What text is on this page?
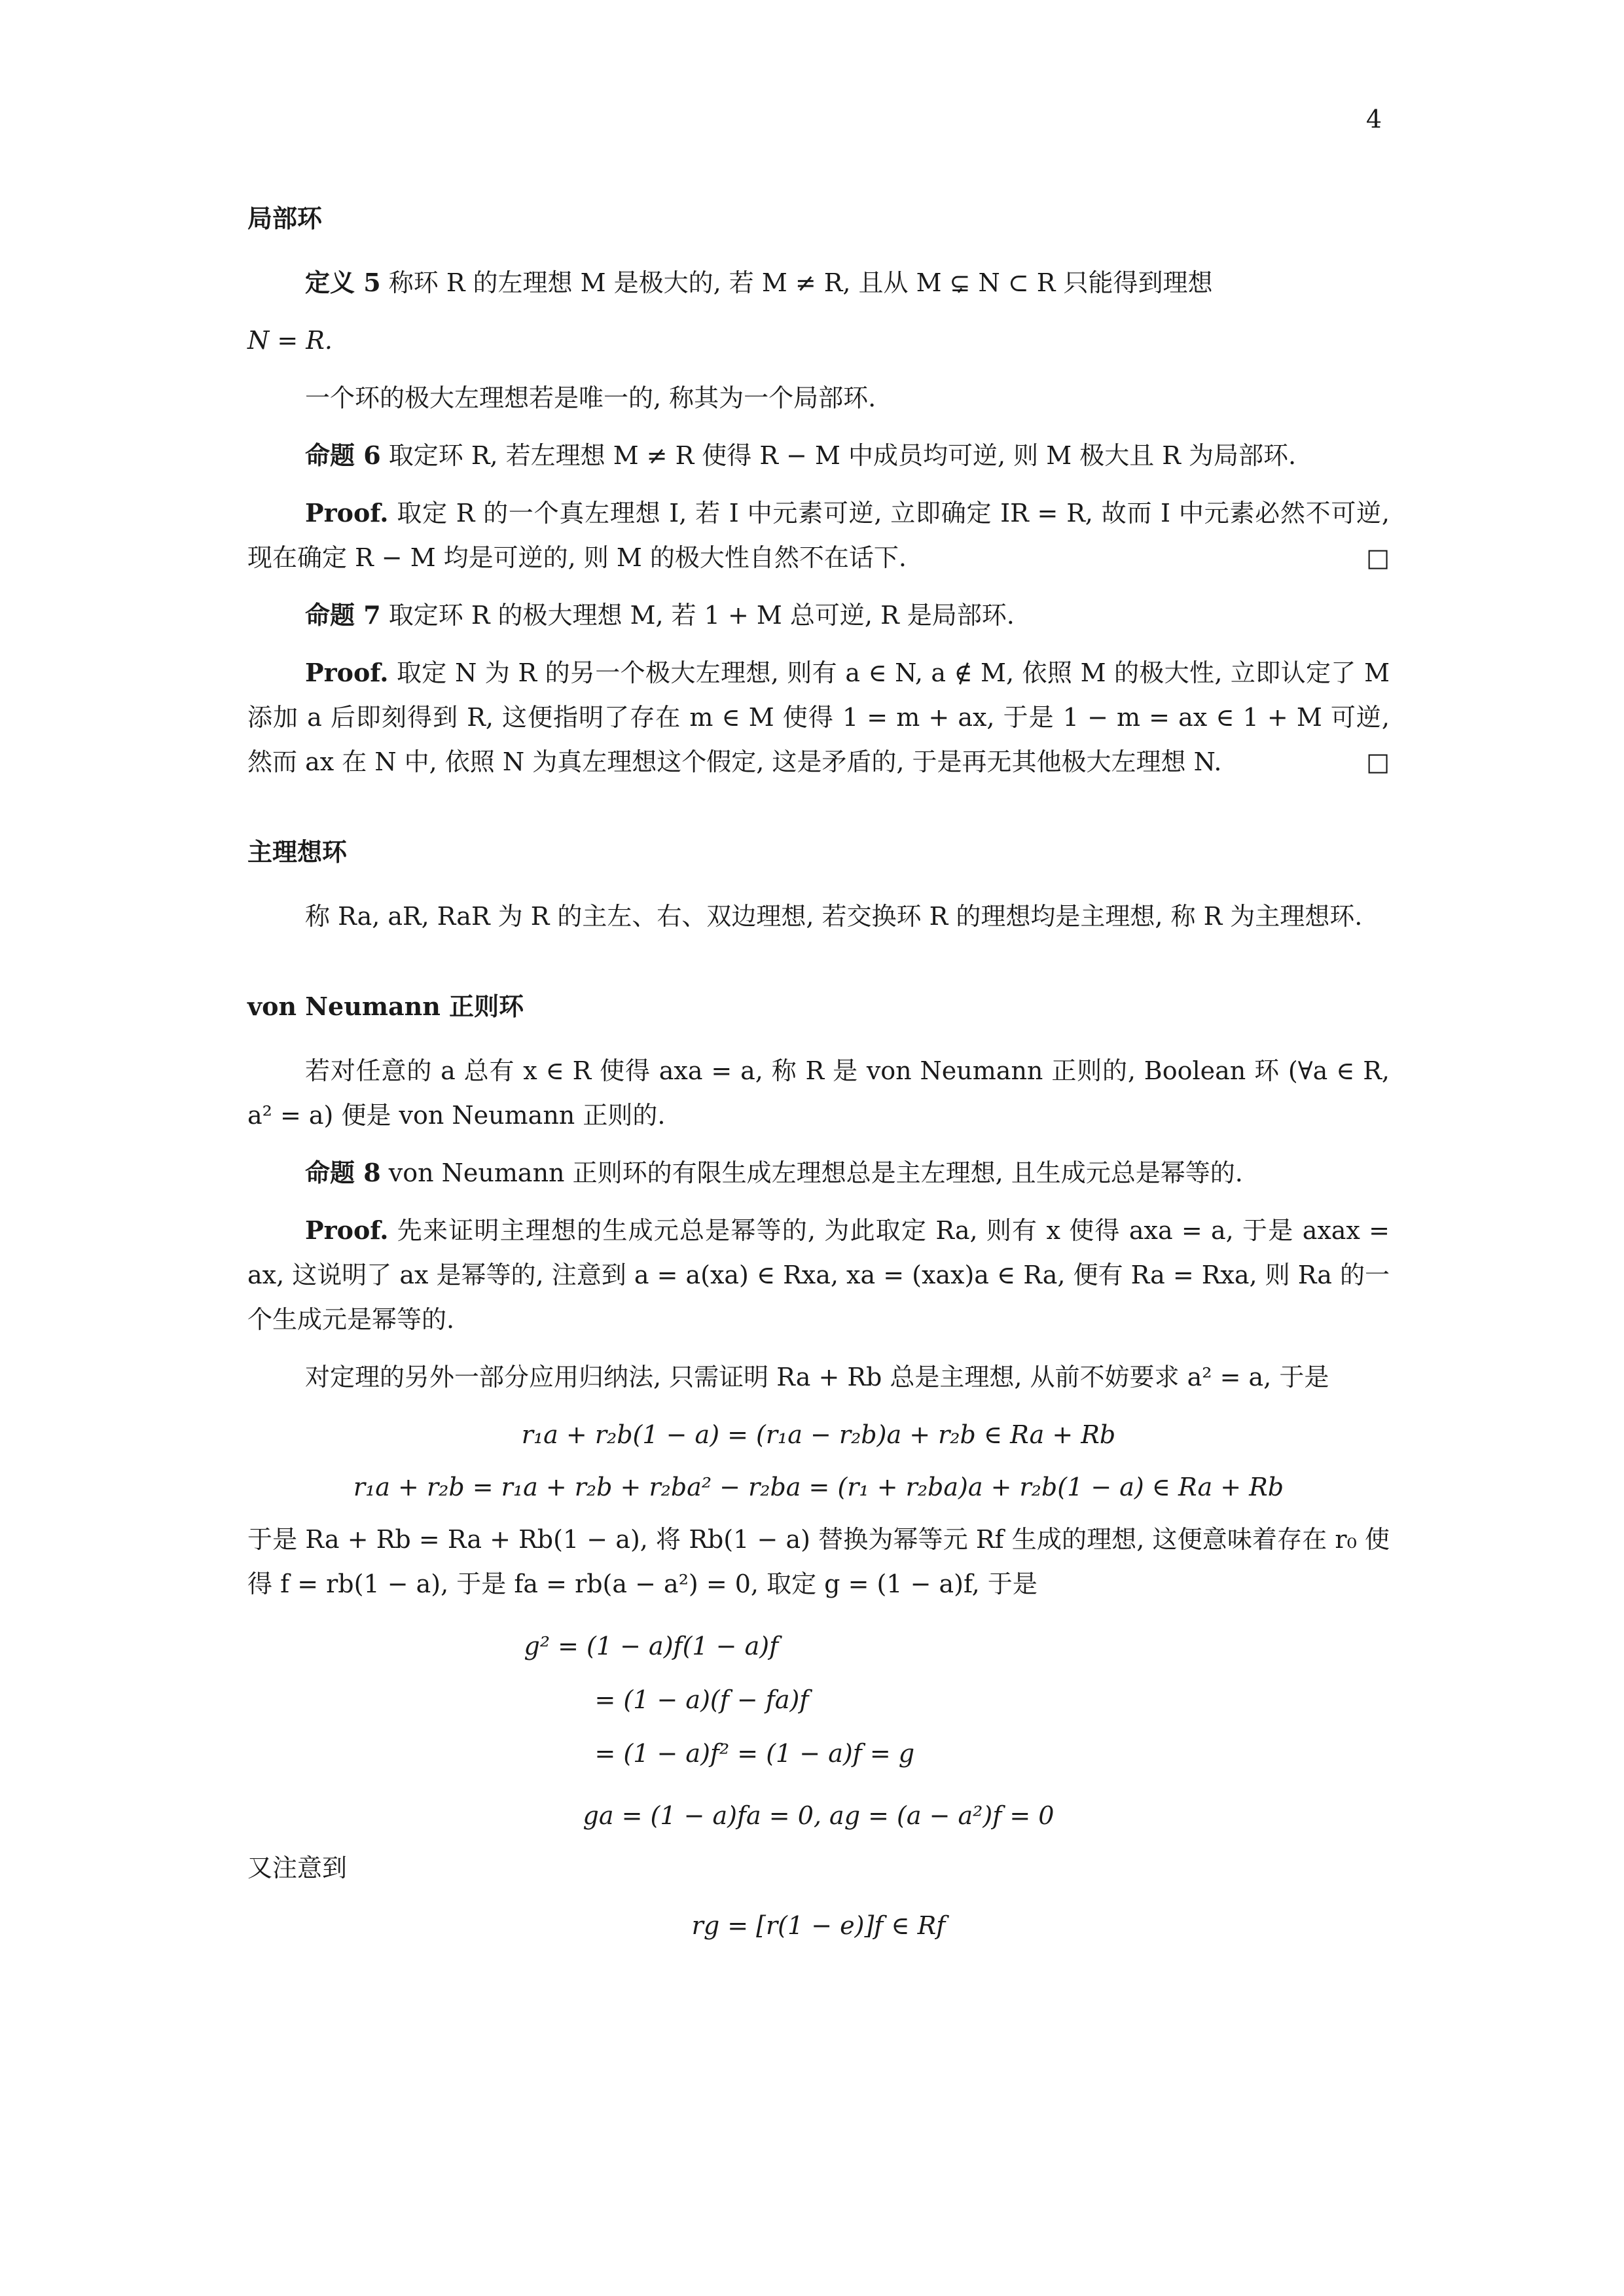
4
局部环
定义 5 称环 R 的左理想 M 是极大的, 若 M ≠ R, 且从 M ⊊ N ⊂ R 只能得到理想
N = R.
一个环的极大左理想若是唯一的, 称其为一个局部环.
命题 6 取定环 R, 若左理想 M ≠ R 使得 R − M 中成员均可逆, 则 M 极大且 R 为局部环.
Proof. 取定 R 的一个真左理想 I, 若 I 中元素可逆, 立即确定 IR = R, 故而 I 中元素必然不可逆, 现在确定 R − M 均是可逆的, 则 M 的极大性自然不在话下.	□
命题 7 取定环 R 的极大理想 M, 若 1 + M 总可逆, R 是局部环.
Proof. 取定 N 为 R 的另一个极大左理想, 则有 a ∈ N, a ∉ M, 依照 M 的极大性, 立即认定了 M 添加 a 后即刻得到 R, 这便指明了存在 m ∈ M 使得 1 = m + ax, 于是 1 − m = ax ∈ 1 + M 可逆, 然而 ax 在 N 中, 依照 N 为真左理想这个假定, 这是矛盾的, 于是再无其他极大左理想 N.	□
主理想环
称 Ra, aR, RaR 为 R 的主左、右、双边理想, 若交换环 R 的理想均是主理想, 称 R 为主理想环.
von Neumann 正则环
若对任意的 a 总有 x ∈ R 使得 axa = a, 称 R 是 von Neumann 正则的, Boolean 环 (∀a ∈ R, a² = a) 便是 von Neumann 正则的.
命题 8 von Neumann 正则环的有限生成左理想总是主左理想, 且生成元总是幂等的.
Proof. 先来证明主理想的生成元总是幂等的, 为此取定 Ra, 则有 x 使得 axa = a, 于是 axax = ax, 这说明了 ax 是幂等的, 注意到 a = a(xa) ∈ Rxa, xa = (xax)a ∈ Ra, 便有 Ra = Rxa, 则 Ra 的一个生成元是幂等的.
对定理的另外一部分应用归纳法, 只需证明 Ra + Rb 总是主理想, 从前不妨要求 a² = a, 于是
r₁a + r₂b(1 − a) = (r₁a − r₂b)a + r₂b ∈ Ra + Rb
r₁a + r₂b = r₁a + r₂b + r₂ba² − r₂ba = (r₁ + r₂ba)a + r₂b(1 − a) ∈ Ra + Rb
于是 Ra + Rb = Ra + Rb(1 − a), 将 Rb(1 − a) 替换为幂等元 Rf 生成的理想, 这便意味着存在 r₀ 使得 f = rb(1 − a), 于是 fa = rb(a − a²) = 0, 取定 g = (1 − a)f, 于是
g² = (1 − a)f(1 − a)f
= (1 − a)(f − fa)f
= (1 − a)f² = (1 − a)f = g
ga = (1 − a)fa = 0, ag = (a − a²)f = 0
又注意到
rg = [r(1 − e)]f ∈ Rf
